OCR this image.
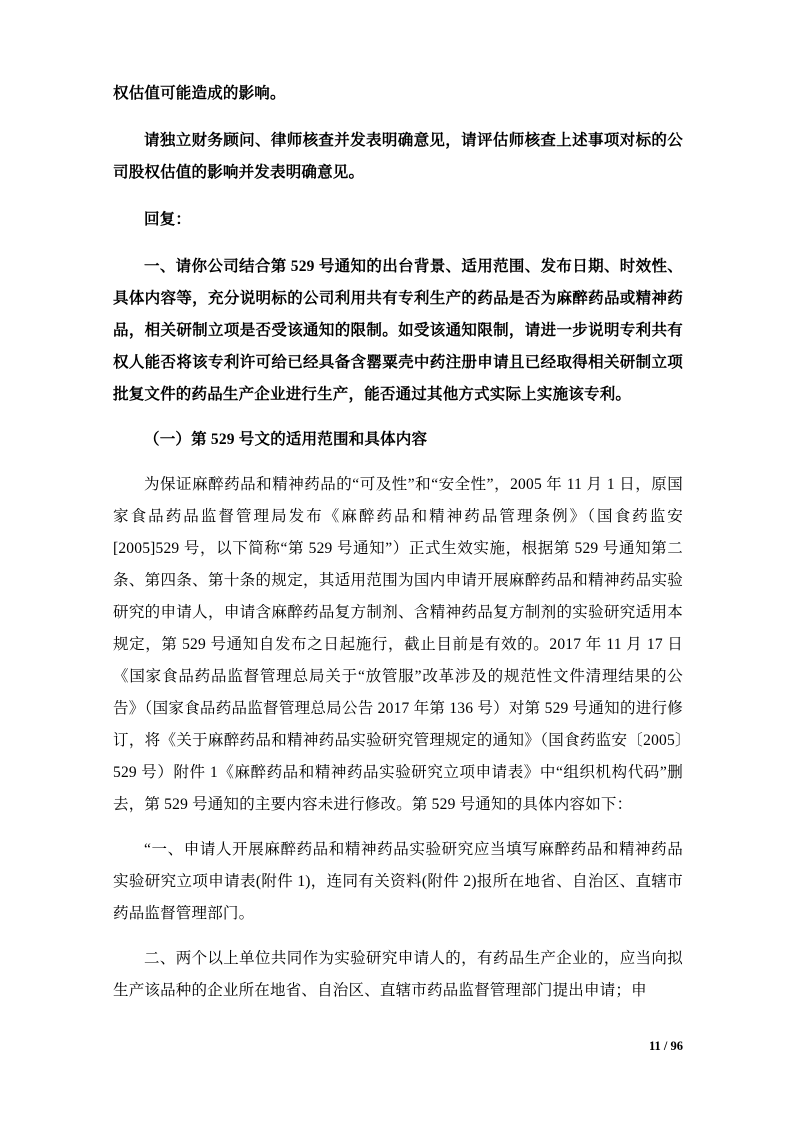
权估值可能造成的影响。

请独立财务顾问、律师核查并发表明确意见，请评估师核查上述事项对标的公司股权估值的影响并发表明确意见。

回复：

一、请你公司结合第 529 号通知的出台背景、适用范围、发布日期、时效性、具体内容等，充分说明标的公司利用共有专利生产的药品是否为麻醉药品或精神药品，相关研制立项是否受该通知的限制。如受该通知限制，请进一步说明专利共有权人能否将该专利许可给已经具备含罂粟壳中药注册申请且已经取得相关研制立项批复文件的药品生产企业进行生产，能否通过其他方式实际上实施该专利。

（一）第 529 号文的适用范围和具体内容

为保证麻醉药品和精神药品的“可及性”和“安全性”，2005 年 11 月 1 日，原国家食品药品监督管理局发布《麻醉药品和精神药品管理条例》（国食药监安[2005]529 号，以下简称“第 529 号通知”）正式生效实施，根据第 529 号通知第二条、第四条、第十条的规定，其适用范围为国内申请开展麻醉药品和精神药品实验研究的申请人，申请含麻醉药品复方制剂、含精神药品复方制剂的实验研究适用本规定，第 529 号通知自发布之日起施行，截止目前是有效的。2017 年 11 月 17 日《国家食品药品监督管理总局关于“放管服”改革涉及的规范性文件清理结果的公告》（国家食品药品监督管理总局公告 2017 年第 136 号）对第 529 号通知的进行修订，将《关于麻醉药品和精神药品实验研究管理规定的通知》（国食药监安〔2005〕529 号）附件 1《麻醉药品和精神药品实验研究立项申请表》中“组织机构代码”删去，第 529 号通知的主要内容未进行修改。第 529 号通知的具体内容如下：

“一、申请人开展麻醉药品和精神药品实验研究应当填写麻醉药品和精神药品实验研究立项申请表(附件 1)，连同有关资料(附件 2)报所在地省、自治区、直辖市药品监督管理部门。

二、两个以上单位共同作为实验研究申请人的，有药品生产企业的，应当向拟生产该品种的企业所在地省、自治区、直辖市药品监督管理部门提出申请；申

11 / 96
